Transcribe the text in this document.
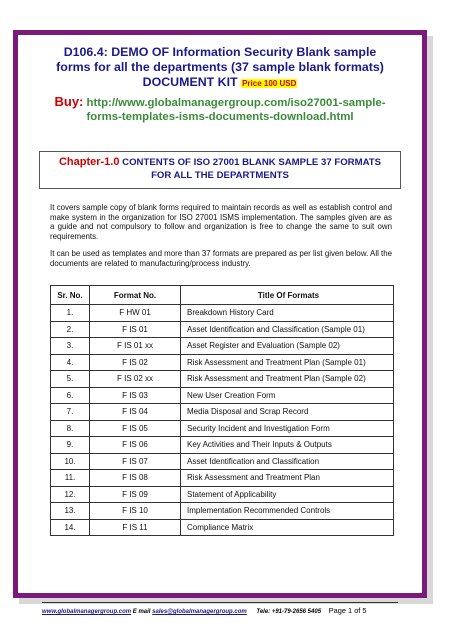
D106.4: DEMO OF Information Security Blank sample
forms for all the departments (37 sample blank formats)
DOCUMENT KIT Price 100 USD
Buy: http://www.globalmanagergroup.com/iso27001-sample-
forms-templates-isms-documents-download.html
Chapter-1.0 CONTENTS OF ISO 27001 BLANK SAMPLE 37 FORMATS
FOR ALL THE DEPARTMENTS
It covers sample copy of blank forms required to maintain records as well as establish control and make system in the organization for ISO 27001 ISMS implementation. The samples given are as a guide and not compulsory to follow and organization is free to change the same to suit own requirements.
It can be used as templates and more than 37 formats are prepared as per list given below. All the documents are related to manufacturing/process industry.
Sr. No.	Format No.	Title Of Formats
1.	F HW 01	Breakdown History Card
2.	F IS 01	Asset Identification and Classification (Sample 01)
3.	F IS 01 xx	Asset Register and Evaluation (Sample 02)
4.	F IS 02	Risk Assessment and Treatment Plan (Sample 01)
5.	F IS 02 xx	Risk Assessment and Treatment Plan (Sample 02)
6.	F IS 03	New User Creation Form
7.	F IS 04	Media Disposal and Scrap Record
8.	F IS 05	Security Incident and Investigation Form
9.	F IS 06	Key Activities and Their Inputs & Outputs
10.	F IS 07	Asset Identification and Classification
11.	F IS 08	Risk Assessment and Treatment Plan
12.	F IS 09	Statement of Applicability
13.	F IS 10	Implementation Recommended Controls
14.	F IS 11	Compliance Matrix
www.globalmanagergroup.com E mail sales@globalmanagergroup.com Tele: +91-79-2656 5405 Page 1 of 5
